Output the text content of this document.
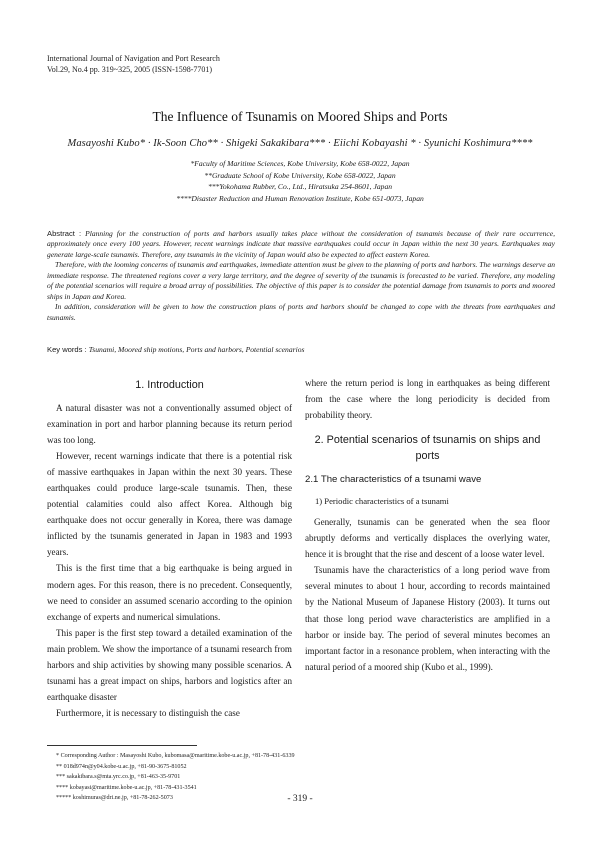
International Journal of Navigation and Port Research
Vol.29, No.4 pp. 319~325, 2005 (ISSN-1598-7701)
The Influence of Tsunamis on Moored Ships and Ports
Masayoshi Kubo* · Ik-Soon Cho** · Shigeki Sakakibara*** · Eiichi Kobayashi * · Syunichi Koshimura****
*Faculty of Maritime Sciences, Kobe University, Kobe 658-0022, Japan
**Graduate School of Kobe University, Kobe 658-0022, Japan
***Yokohama Rubber, Co., Ltd., Hiratsuka 254-8601, Japan
****Disaster Reduction and Human Renovation Institute, Kobe 651-0073, Japan

Abstract : Planning for the construction of ports and harbors usually takes place without the consideration of tsunamis because of their rare occurrence, approximately once every 100 years. However, recent warnings indicate that massive earthquakes could occur in Japan within the next 30 years. Earthquakes may generate large-scale tsunamis. Therefore, any tsunamis in the vicinity of Japan would also be expected to affect eastern Korea.

Therefore, with the looming concerns of tsunamis and earthquakes, immediate attention must be given to the planning of ports and harbors. The warnings deserve an immediate response. The threatened regions cover a very large territory, and the degree of severity of the tsunamis is forecasted to be varied. Therefore, any modeling of the potential scenarios will require a broad array of possibilities. The objective of this paper is to consider the potential damage from tsunamis to ports and moored ships in Japan and Korea.

In addition, consideration will be given to how the construction plans of ports and harbors should be changed to cope with the threats from earthquakes and tsunamis.

Key words : Tsunami, Moored ship motions, Ports and harbors, Potential scenarios
1. Introduction

A natural disaster was not a conventionally assumed object of examination in port and harbor planning because its return period was too long.

However, recent warnings indicate that there is a potential risk of massive earthquakes in Japan within the next 30 years. These earthquakes could produce large-scale tsunamis. Then, these potential calamities could also affect Korea. Although big earthquake does not occur generally in Korea, there was damage inflicted by the tsunamis generated in Japan in 1983 and 1993 years.

This is the first time that a big earthquake is being argued in modern ages. For this reason, there is no precedent. Consequently, we need to consider an assumed scenario according to the opinion exchange of experts and numerical simulations.

This paper is the first step toward a detailed examination of the main problem. We show the importance of a tsunami research from harbors and ship activities by showing many possible scenarios. A tsunami has a great impact on ships, harbors and logistics after an earthquake disaster

Furthermore, it is necessary to distinguish the case

where the return period is long in earthquakes as being different from the case where the long periodicity is decided from probability theory.

2. Potential scenarios of tsunamis on ships and ports

2.1 The characteristics of a tsunami wave

1) Periodic characteristics of a tsunami

Generally, tsunamis can be generated when the sea floor abruptly deforms and vertically displaces the overlying water, hence it is brought that the rise and descent of a loose water level.

Tsunamis have the characteristics of a long period wave from several minutes to about 1 hour, according to records maintained by the National Museum of Japanese History (2003). It turns out that those long period wave characteristics are amplified in a harbor or inside bay. The period of several minutes becomes an important factor in a resonance problem, when interacting with the natural period of a moored ship (Kubo et al., 1999).

* Corresponding Author : Masayoshi Kubo, kubomasa@maritime.kobe-u.ac.jp, +81-78-431-6339
** 018d974n@y04.kobe-u.ac.jp, +81-90-3675-81052
*** sakakibara.s@mta.yrc.co.jp, +81-463-35-9701
**** kobayasi@maritime.kobe-u.ac.jp, +81-78-431-3541
***** koshimuras@dri.ne.jp, +81-78-262-5073	- 319 -
